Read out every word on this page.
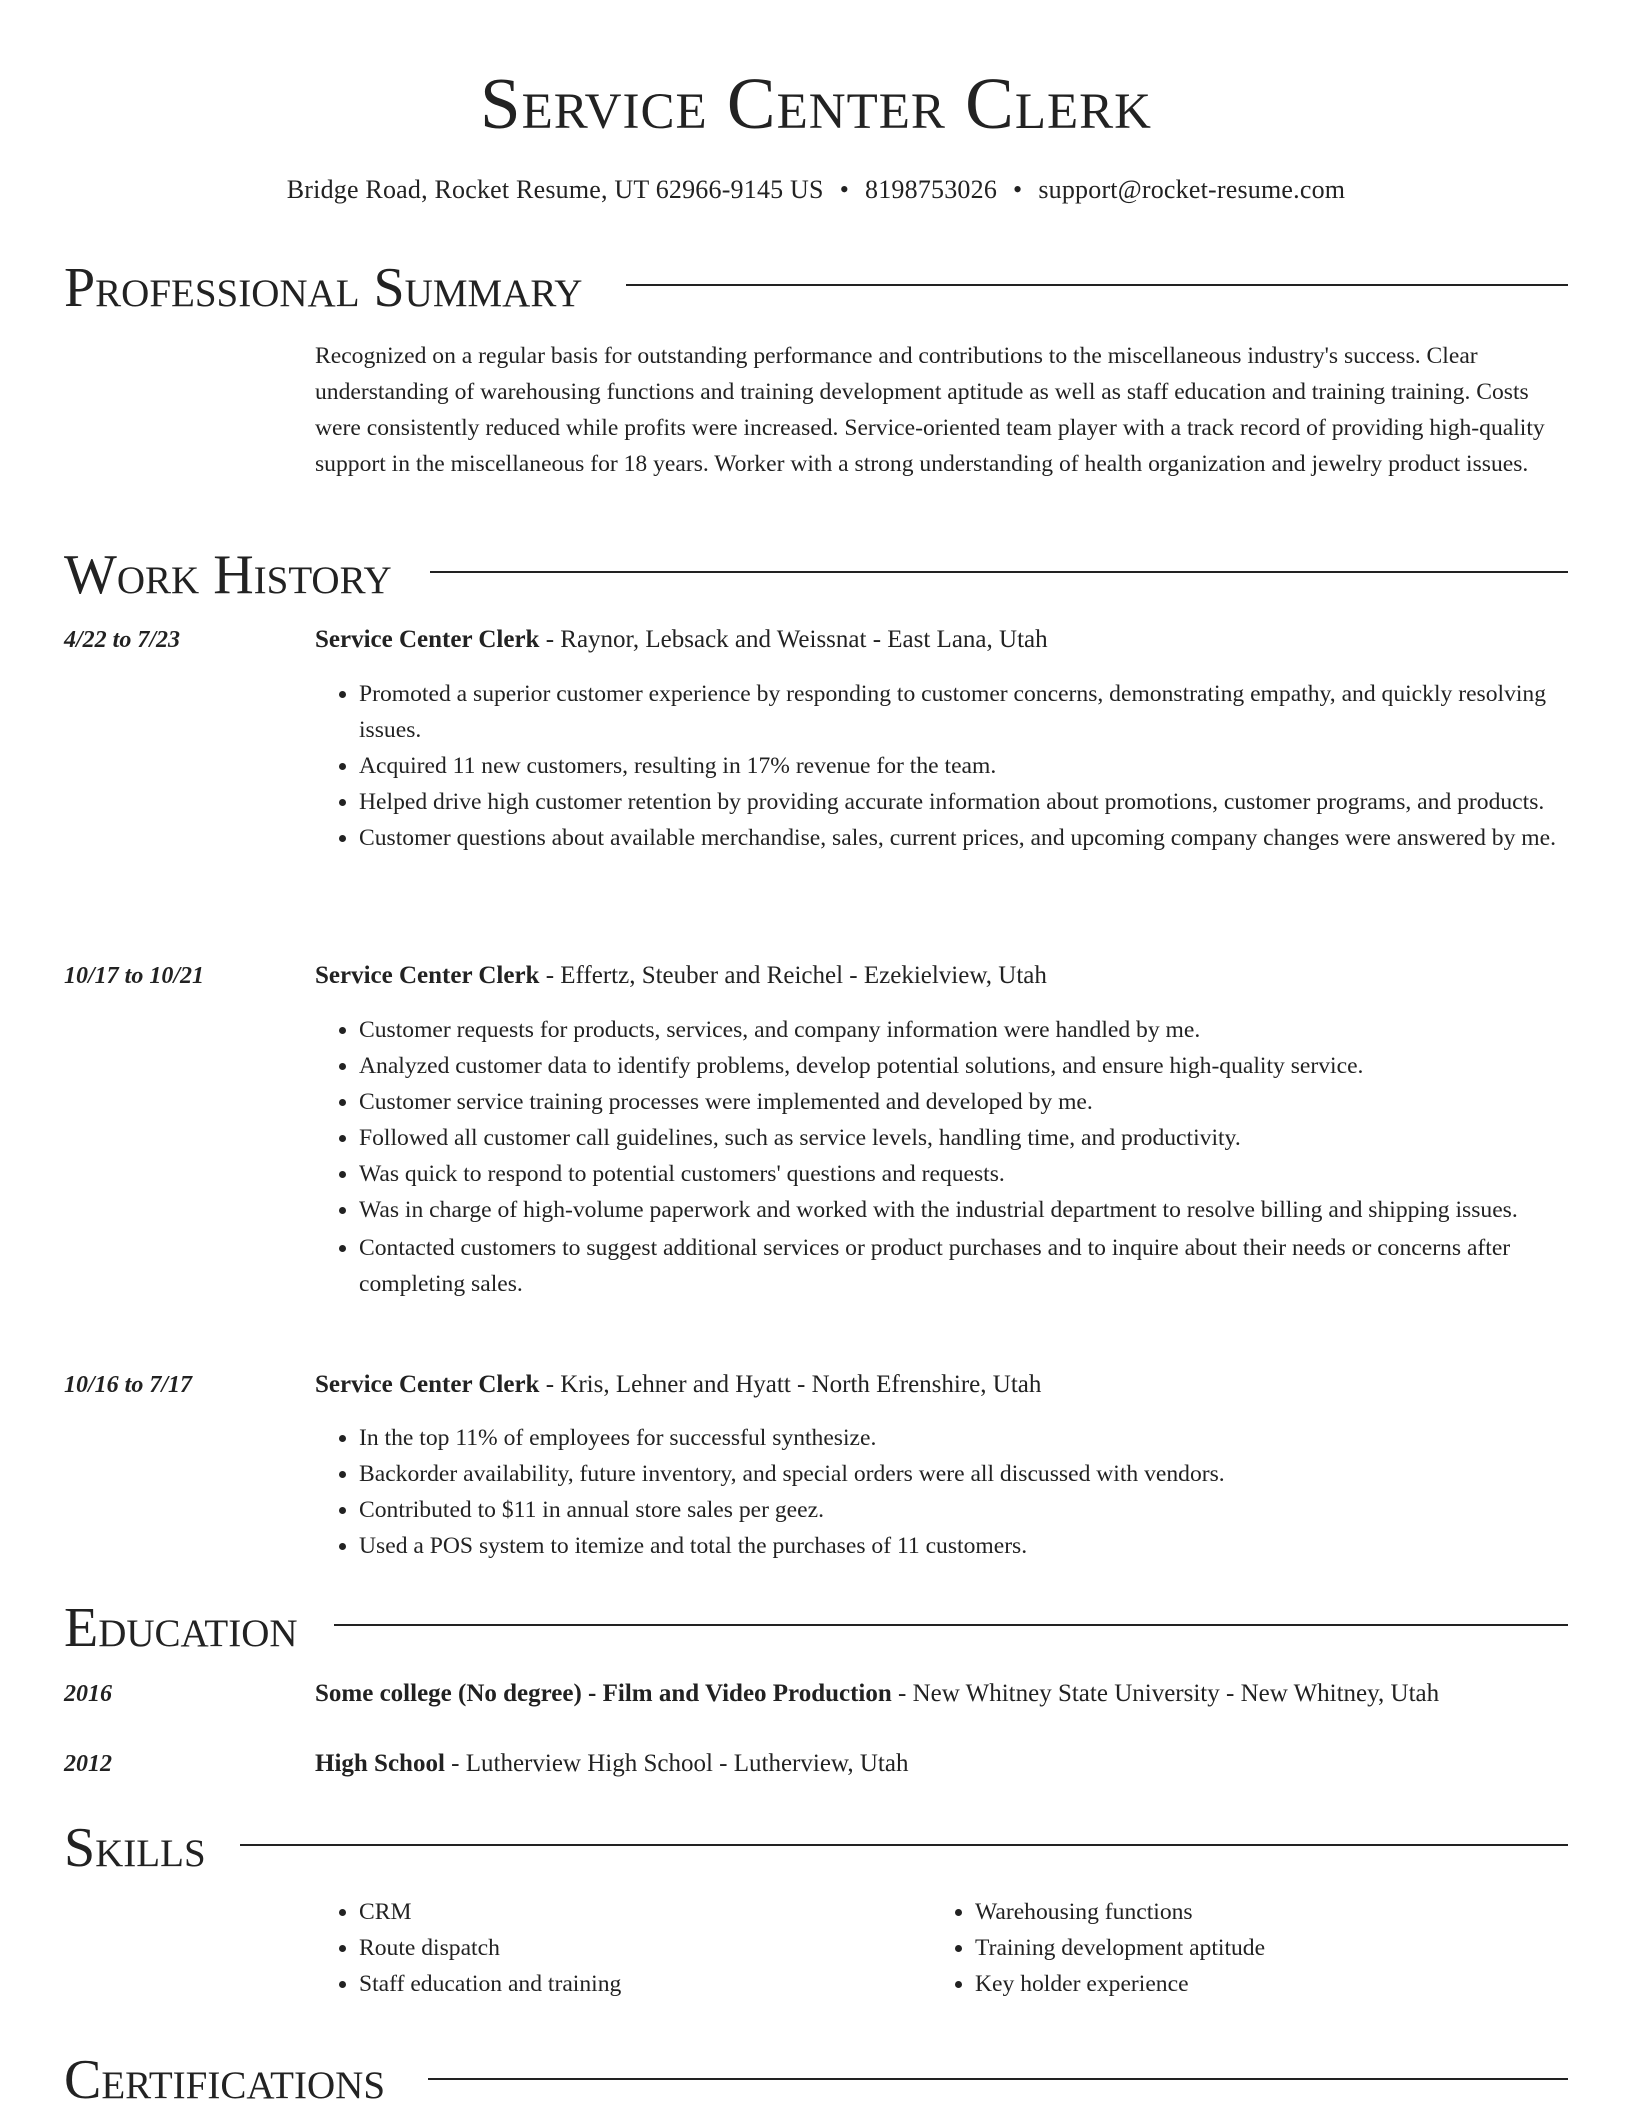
Service Center Clerk
Bridge Road, Rocket Resume, UT 62966-9145 US • 8198753026 • support@rocket-resume.com
Professional Summary
Recognized on a regular basis for outstanding performance and contributions to the miscellaneous industry's success. Clear understanding of warehousing functions and training development aptitude as well as staff education and training training. Costs were consistently reduced while profits were increased. Service-oriented team player with a track record of providing high-quality support in the miscellaneous for 18 years. Worker with a strong understanding of health organization and jewelry product issues.
Work History
4/22 to 7/23	Service Center Clerk - Raynor, Lebsack and Weissnat - East Lana, Utah
• Promoted a superior customer experience by responding to customer concerns, demonstrating empathy, and quickly resolving issues.
• Acquired 11 new customers, resulting in 17% revenue for the team.
• Helped drive high customer retention by providing accurate information about promotions, customer programs, and products.
• Customer questions about available merchandise, sales, current prices, and upcoming company changes were answered by me.
10/17 to 10/21	Service Center Clerk - Effertz, Steuber and Reichel - Ezekielview, Utah
• Customer requests for products, services, and company information were handled by me.
• Analyzed customer data to identify problems, develop potential solutions, and ensure high-quality service.
• Customer service training processes were implemented and developed by me.
• Followed all customer call guidelines, such as service levels, handling time, and productivity.
• Was quick to respond to potential customers' questions and requests.
• Was in charge of high-volume paperwork and worked with the industrial department to resolve billing and shipping issues.
• Contacted customers to suggest additional services or product purchases and to inquire about their needs or concerns after completing sales.
10/16 to 7/17	Service Center Clerk - Kris, Lehner and Hyatt - North Efrenshire, Utah
• In the top 11% of employees for successful synthesize.
• Backorder availability, future inventory, and special orders were all discussed with vendors.
• Contributed to $11 in annual store sales per geez.
• Used a POS system to itemize and total the purchases of 11 customers.
Education
2016	Some college (No degree) - Film and Video Production - New Whitney State University - New Whitney, Utah
2012	High School - Lutherview High School - Lutherview, Utah
Skills
• CRM
• Route dispatch
• Staff education and training
• Warehousing functions
• Training development aptitude
• Key holder experience
Certifications
